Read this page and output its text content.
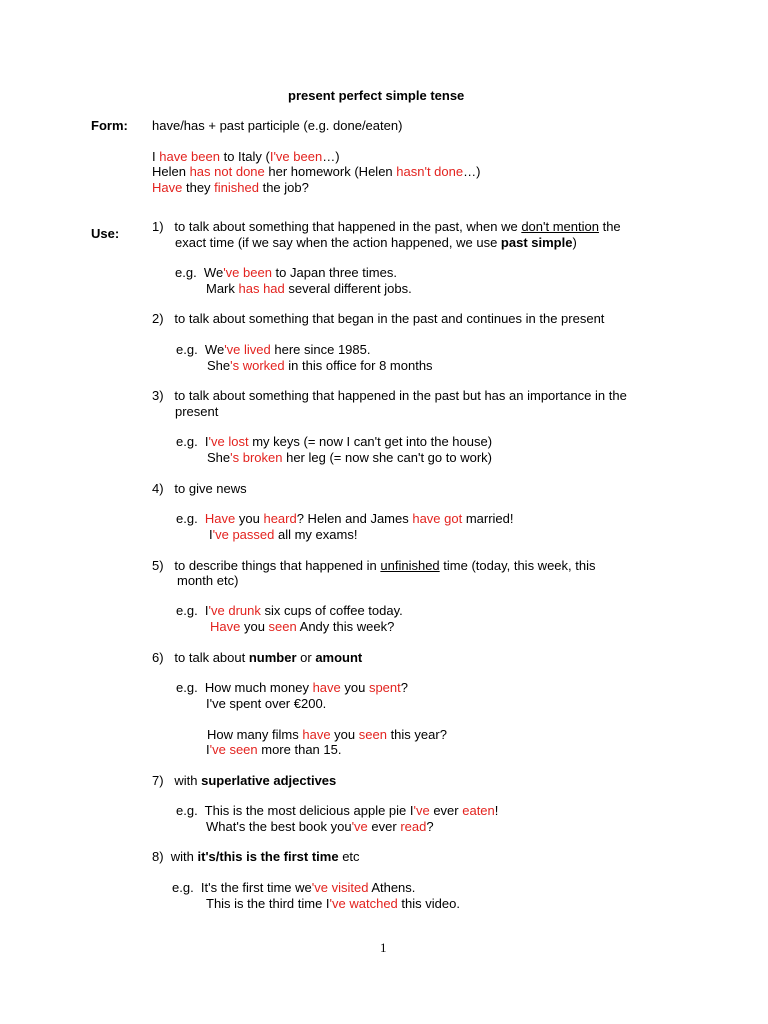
present perfect simple tense
Form: have/has + past participle (e.g. done/eaten)
I have been to Italy (I've been…)
Helen has not done her homework (Helen hasn't done…)
Have they finished the job?
Use:	1)   to talk about something that happened in the past, when we don't mention the
exact time (if we say when the action happened, we use past simple)
e.g.  We've been to Japan three times.
Mark has had several different jobs.
2)   to talk about something that began in the past and continues in the present
e.g.  We've lived here since 1985.
She's worked in this office for 8 months
3)   to talk about something that happened in the past but has an importance in the
present
e.g.  I've lost my keys (= now I can't get into the house)
She's broken her leg (= now she can't go to work)
4)   to give news
e.g.  Have you heard? Helen and James have got married!
I've passed all my exams!
5)   to describe things that happened in unfinished time (today, this week, this
month etc)
e.g.  I've drunk six cups of coffee today.
Have you seen Andy this week?
6)   to talk about number or amount
e.g.  How much money have you spent?
I've spent over €200.
How many films have you seen this year?
I've seen more than 15.
7)   with superlative adjectives
e.g.  This is the most delicious apple pie I've ever eaten!
What's the best book you've ever read?
8)  with it's/this is the first time etc
e.g.  It's the first time we've visited Athens.
This is the third time I've watched this video.
1
